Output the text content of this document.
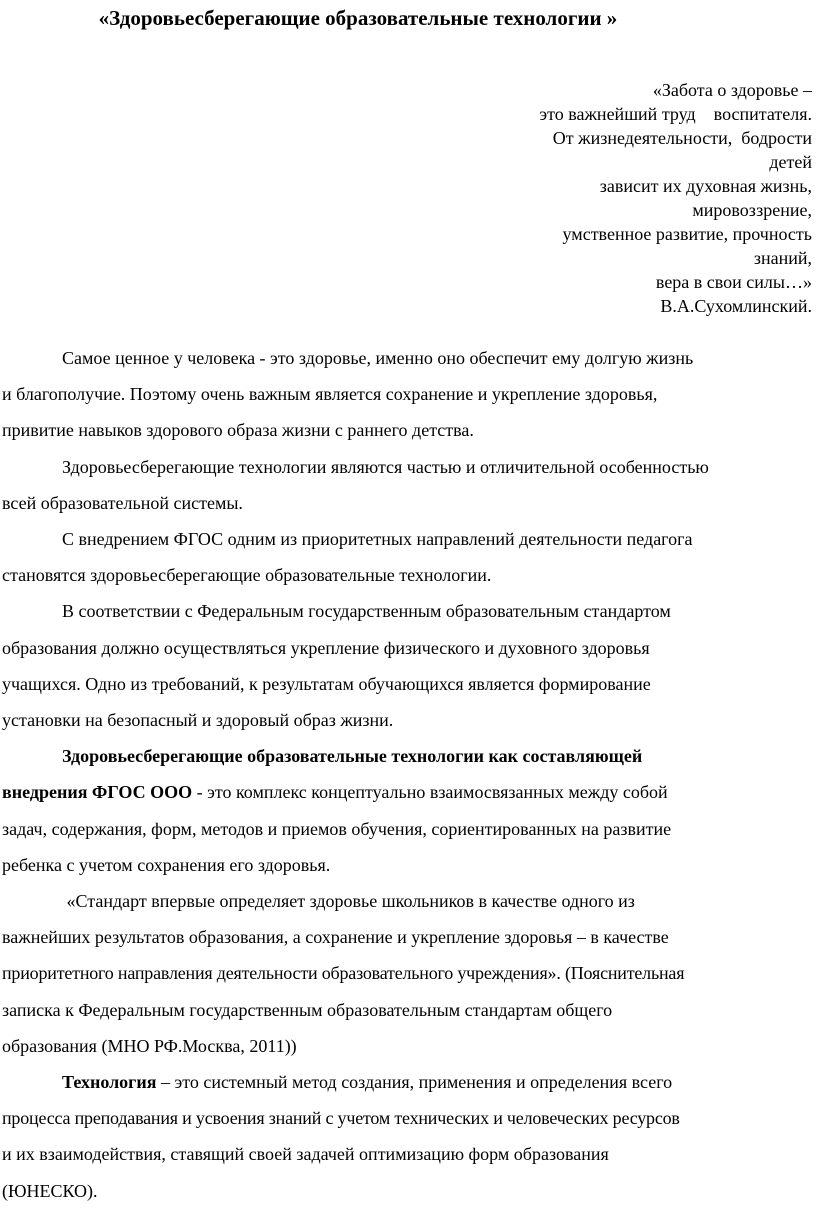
«Здоровьесберегающие образовательные технологии »
«Забота о здоровье –
это важнейший труд    воспитателя.
От жизнедеятельности,  бодрости
детей
зависит их духовная жизнь,
мировоззрение,
умственное развитие, прочность
знаний,
вера в свои силы…»
В.А.Сухомлинский.
Самое ценное у человека - это здоровье, именно оно обеспечит ему долгую жизнь
и благополучие. Поэтому очень важным является сохранение и укрепление здоровья,
привитие навыков здорового образа жизни с раннего детства.
Здоровьесберегающие технологии являются частью и отличительной особенностью
всей образовательной системы.
С внедрением ФГОС одним из приоритетных направлений деятельности педагога
становятся здоровьесберегающие образовательные технологии.
В соответствии с Федеральным государственным образовательным стандартом
образования должно осуществляться укрепление физического и духовного здоровья
учащихся. Одно из требований, к результатам обучающихся является формирование
установки на безопасный и здоровый образ жизни.
Здоровьесберегающие образовательные технологии как составляющей
внедрения ФГОС ООО - это комплекс концептуально взаимосвязанных между собой
задач, содержания, форм, методов и приемов обучения, сориентированных на развитие
ребенка с учетом сохранения его здоровья.
«Стандарт впервые определяет здоровье школьников в качестве одного из
важнейших результатов образования, а сохранение и укрепление здоровья – в качестве
приоритетного направления деятельности образовательного учреждения». (Пояснительная
записка к Федеральным государственным образовательным стандартам общего
образования (МНО РФ.Москва, 2011))
Технология – это системный метод создания, применения и определения всего
процесса преподавания и усвоения знаний с учетом технических и человеческих ресурсов
и их взаимодействия, ставящий своей задачей оптимизацию форм образования
(ЮНЕСКО).
